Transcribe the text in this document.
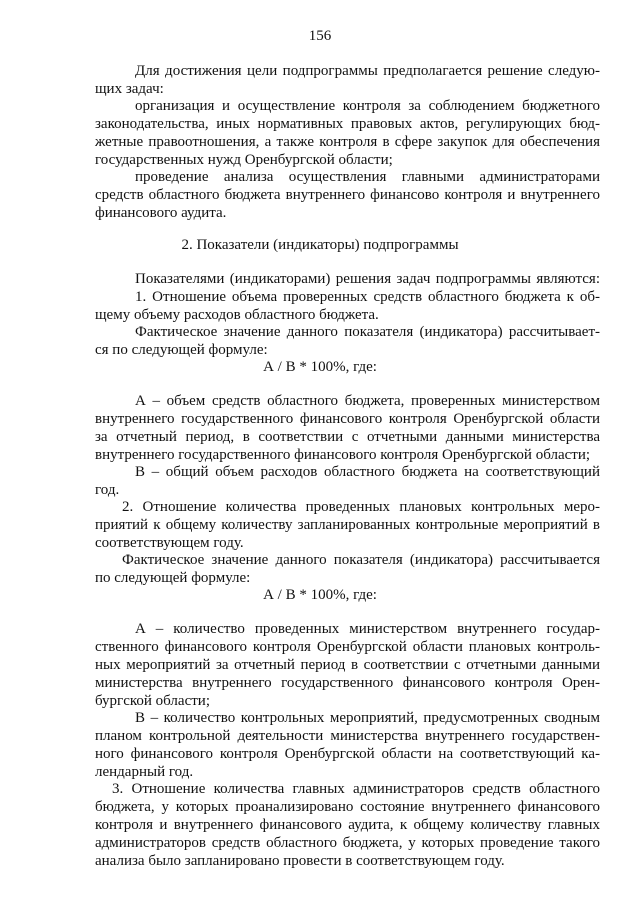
156
Для достижения цели подпрограммы предполагается решение следую-
щих задач:
организация и осуществление контроля за соблюдением бюджетного
законодательства, иных нормативных правовых актов, регулирующих бюд-
жетные правоотношения, а также контроля в сфере закупок для обеспечения
государственных нужд Оренбургской области;
проведение анализа осуществления главными администраторами
средств областного бюджета внутреннего финансово контроля и внутреннего
финансового аудита.
2. Показатели (индикаторы) подпрограммы
Показателями (индикаторами) решения задач подпрограммы являются:
1. Отношение объема проверенных средств областного бюджета к об-
щему объему расходов областного бюджета.
Фактическое значение данного показателя (индикатора) рассчитывает-
ся по следующей формуле:
А / В * 100%, где:
А – объем средств областного бюджета, проверенных министерством
внутреннего государственного финансового контроля Оренбургской области
за отчетный период, в соответствии с отчетными данными министерства
внутреннего государственного финансового контроля Оренбургской области;
В – общий объем расходов областного бюджета на соответствующий
год.
2. Отношение количества проведенных плановых контрольных меро-
приятий к общему количеству запланированных контрольные мероприятий в
соответствующем году.
Фактическое значение данного показателя (индикатора) рассчитывается
по следующей формуле:
А / В * 100%, где:
А – количество проведенных министерством внутреннего государ-
ственного финансового контроля Оренбургской области плановых контроль-
ных мероприятий за отчетный период в соответствии с отчетными данными
министерства внутреннего государственного финансового контроля Орен-
бургской области;
В – количество контрольных мероприятий, предусмотренных сводным
планом контрольной деятельности министерства внутреннего государствен-
ного финансового контроля Оренбургской области на соответствующий ка-
лендарный год.
3. Отношение количества главных администраторов средств областного
бюджета, у которых проанализировано состояние внутреннего финансового
контроля и внутреннего финансового аудита, к общему количеству главных
администраторов средств областного бюджета, у которых проведение такого
анализа было запланировано провести в соответствующем году.
